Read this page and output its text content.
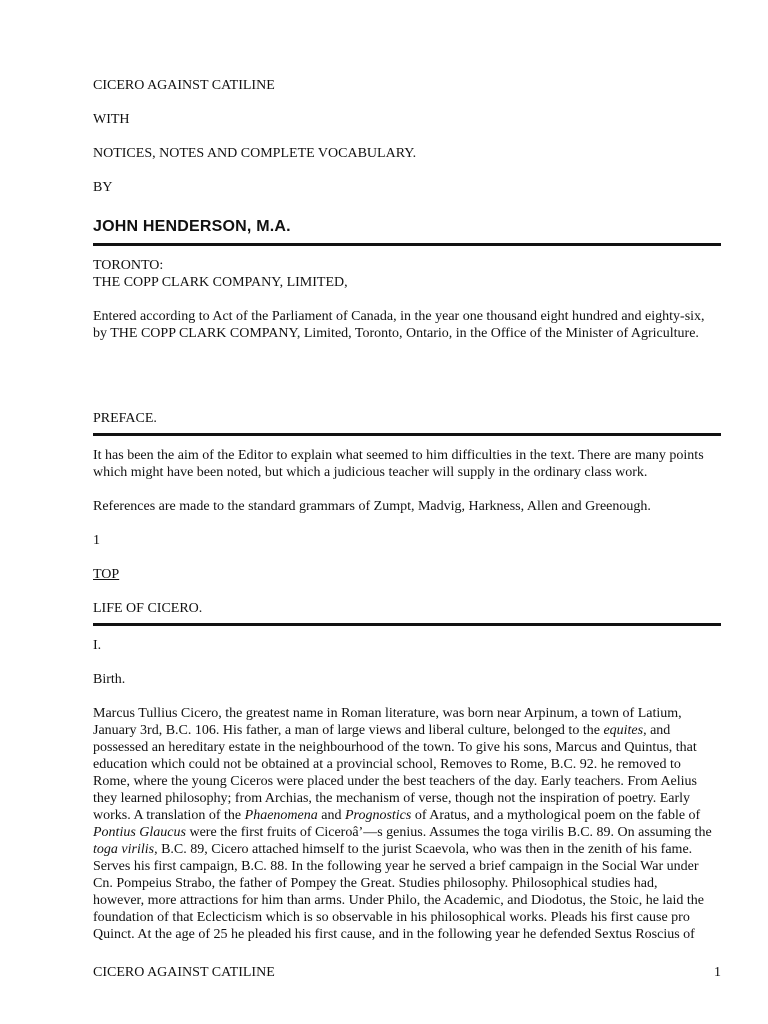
CICERO AGAINST CATILINE
WITH
NOTICES, NOTES AND COMPLETE VOCABULARY.
BY
JOHN HENDERSON, M.A.
TORONTO:
THE COPP CLARK COMPANY, LIMITED,
Entered according to Act of the Parliament of Canada, in the year one thousand eight hundred and eighty-six,
by THE COPP CLARK COMPANY, Limited, Toronto, Ontario, in the Office of the Minister of Agriculture.
PREFACE.
It has been the aim of the Editor to explain what seemed to him difficulties in the text. There are many points
which might have been noted, but which a judicious teacher will supply in the ordinary class work.
References are made to the standard grammars of Zumpt, Madvig, Harkness, Allen and Greenough.
1
TOP
LIFE OF CICERO.
I.
Birth.
Marcus Tullius Cicero, the greatest name in Roman literature, was born near Arpinum, a town of Latium,
January 3rd, B.C. 106. His father, a man of large views and liberal culture, belonged to the equites, and
possessed an hereditary estate in the neighbourhood of the town. To give his sons, Marcus and Quintus, that
education which could not be obtained at a provincial school, Removes to Rome, B.C. 92. he removed to
Rome, where the young Ciceros were placed under the best teachers of the day. Early teachers. From Aelius
they learned philosophy; from Archias, the mechanism of verse, though not the inspiration of poetry. Early
works. A translation of the Phaenomena and Prognostics of Aratus, and a mythological poem on the fable of
Pontius Glaucus were the first fruits of Ciceroâ’—s genius. Assumes the toga virilis B.C. 89. On assuming the
toga virilis, B.C. 89, Cicero attached himself to the jurist Scaevola, who was then in the zenith of his fame.
Serves his first campaign, B.C. 88. In the following year he served a brief campaign in the Social War under
Cn. Pompeius Strabo, the father of Pompey the Great. Studies philosophy. Philosophical studies had,
however, more attractions for him than arms. Under Philo, the Academic, and Diodotus, the Stoic, he laid the
foundation of that Eclecticism which is so observable in his philosophical works. Pleads his first cause pro
Quinct. At the age of 25 he pleaded his first cause, and in the following year he defended Sextus Roscius of
CICERO AGAINST CATILINE	1
